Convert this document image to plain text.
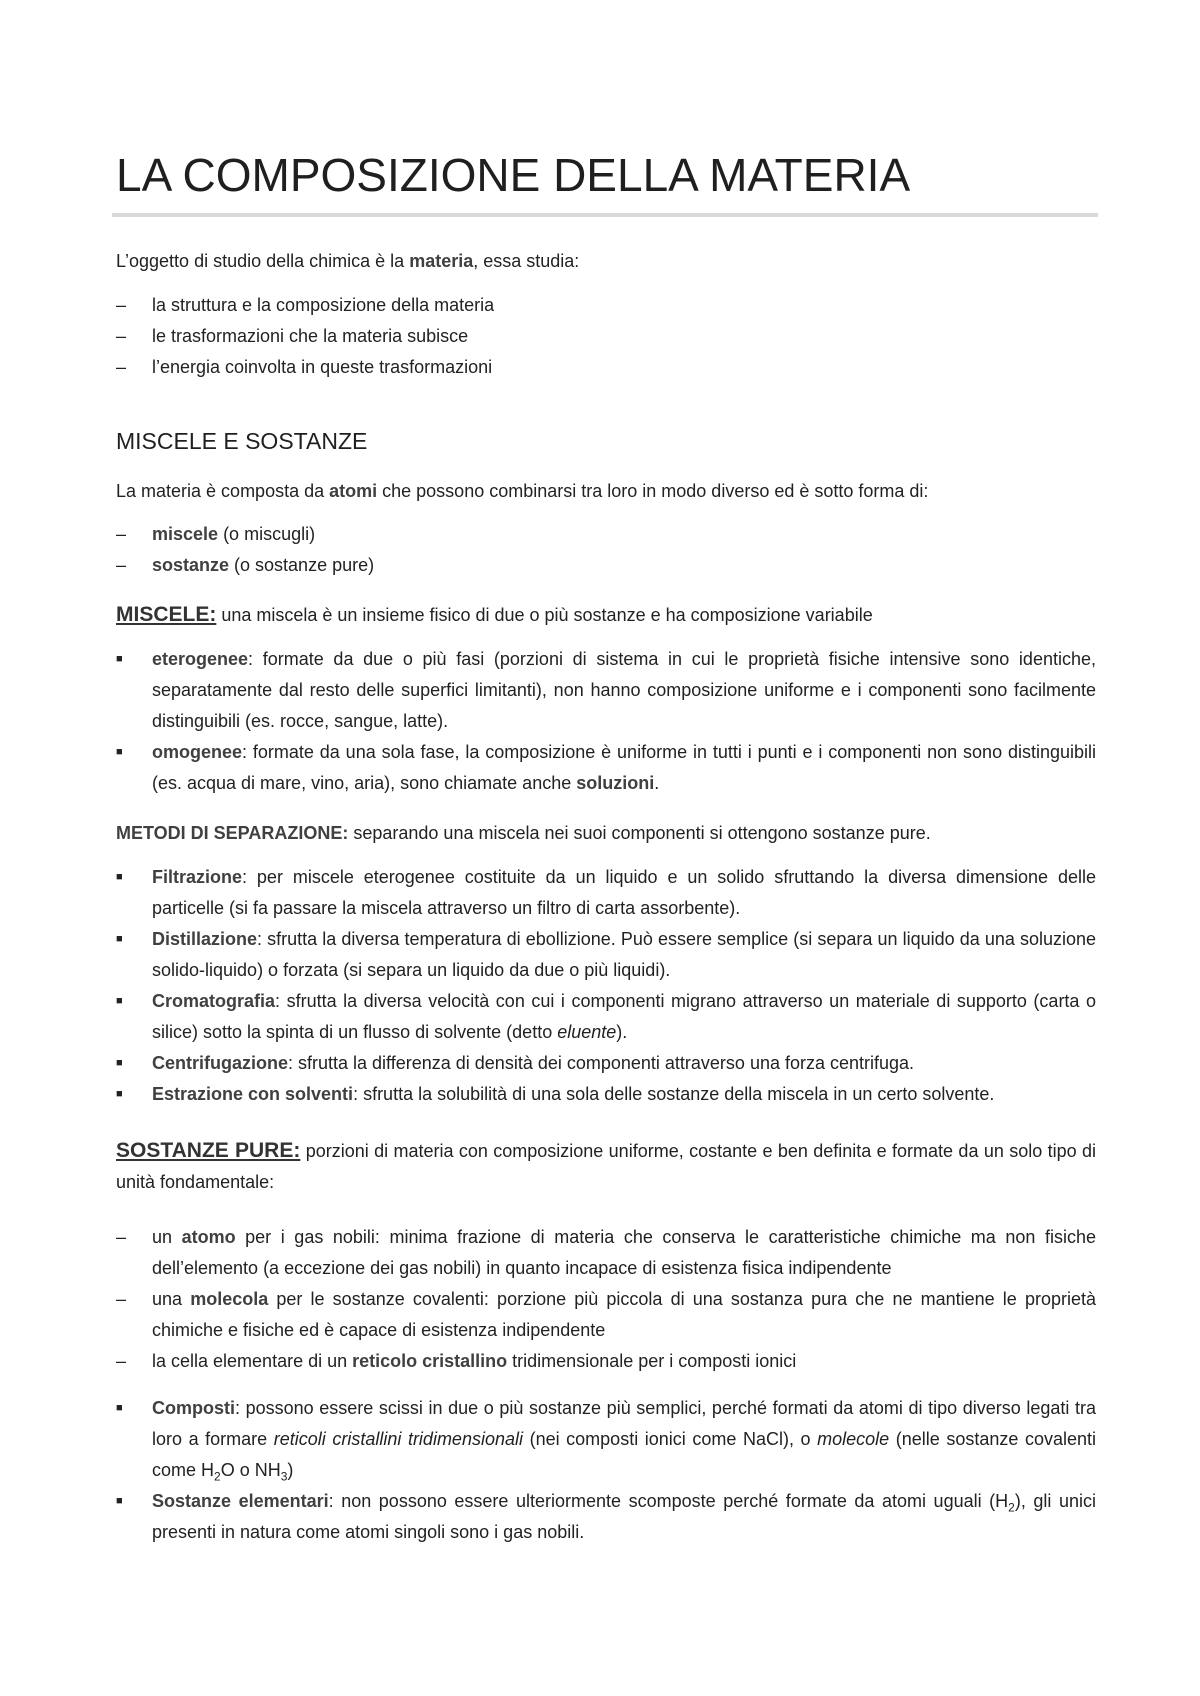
LA COMPOSIZIONE DELLA MATERIA
L’oggetto di studio della chimica è la materia, essa studia:
–	la struttura e la composizione della materia
–	le trasformazioni che la materia subisce
–	l’energia coinvolta in queste trasformazioni
MISCELE E SOSTANZE
La materia è composta da atomi che possono combinarsi tra loro in modo diverso ed è sotto forma di:
–	miscele (o miscugli)
–	sostanze (o sostanze pure)
MISCELE: una miscela è un insieme fisico di due o più sostanze e ha composizione variabile
■	eterogenee: formate da due o più fasi (porzioni di sistema in cui le proprietà fisiche intensive sono identiche, separatamente dal resto delle superfici limitanti), non hanno composizione uniforme e i componenti sono facilmente distinguibili (es. rocce, sangue, latte).
■	omogenee: formate da una sola fase, la composizione è uniforme in tutti i punti e i componenti non sono distinguibili (es. acqua di mare, vino, aria), sono chiamate anche soluzioni.
METODI DI SEPARAZIONE: separando una miscela nei suoi componenti si ottengono sostanze pure.
■	Filtrazione: per miscele eterogenee costituite da un liquido e un solido sfruttando la diversa dimensione delle particelle (si fa passare la miscela attraverso un filtro di carta assorbente).
■	Distillazione: sfrutta la diversa temperatura di ebollizione. Può essere semplice (si separa un liquido da una soluzione solido-liquido) o forzata (si separa un liquido da due o più liquidi).
■	Cromatografia: sfrutta la diversa velocità con cui i componenti migrano attraverso un materiale di supporto (carta o silice) sotto la spinta di un flusso di solvente (detto eluente).
■	Centrifugazione: sfrutta la differenza di densità dei componenti attraverso una forza centrifuga.
■	Estrazione con solventi: sfrutta la solubilità di una sola delle sostanze della miscela in un certo solvente.
SOSTANZE PURE: porzioni di materia con composizione uniforme, costante e ben definita e formate da un solo tipo di unità fondamentale:
–	un atomo per i gas nobili: minima frazione di materia che conserva le caratteristiche chimiche ma non fisiche dell’elemento (a eccezione dei gas nobili) in quanto incapace di esistenza fisica indipendente
–	una molecola per le sostanze covalenti: porzione più piccola di una sostanza pura che ne mantiene le proprietà chimiche e fisiche ed è capace di esistenza indipendente
–	la cella elementare di un reticolo cristallino tridimensionale per i composti ionici
■	Composti: possono essere scissi in due o più sostanze più semplici, perché formati da atomi di tipo diverso legati tra loro a formare reticoli cristallini tridimensionali (nei composti ionici come NaCl), o molecole (nelle sostanze covalenti come $H_2O$ o $NH_3$)
■	Sostanze elementari: non possono essere ulteriormente scomposte perché formate da atomi uguali $(H_2)$, gli unici presenti in natura come atomi singoli sono i gas nobili.
